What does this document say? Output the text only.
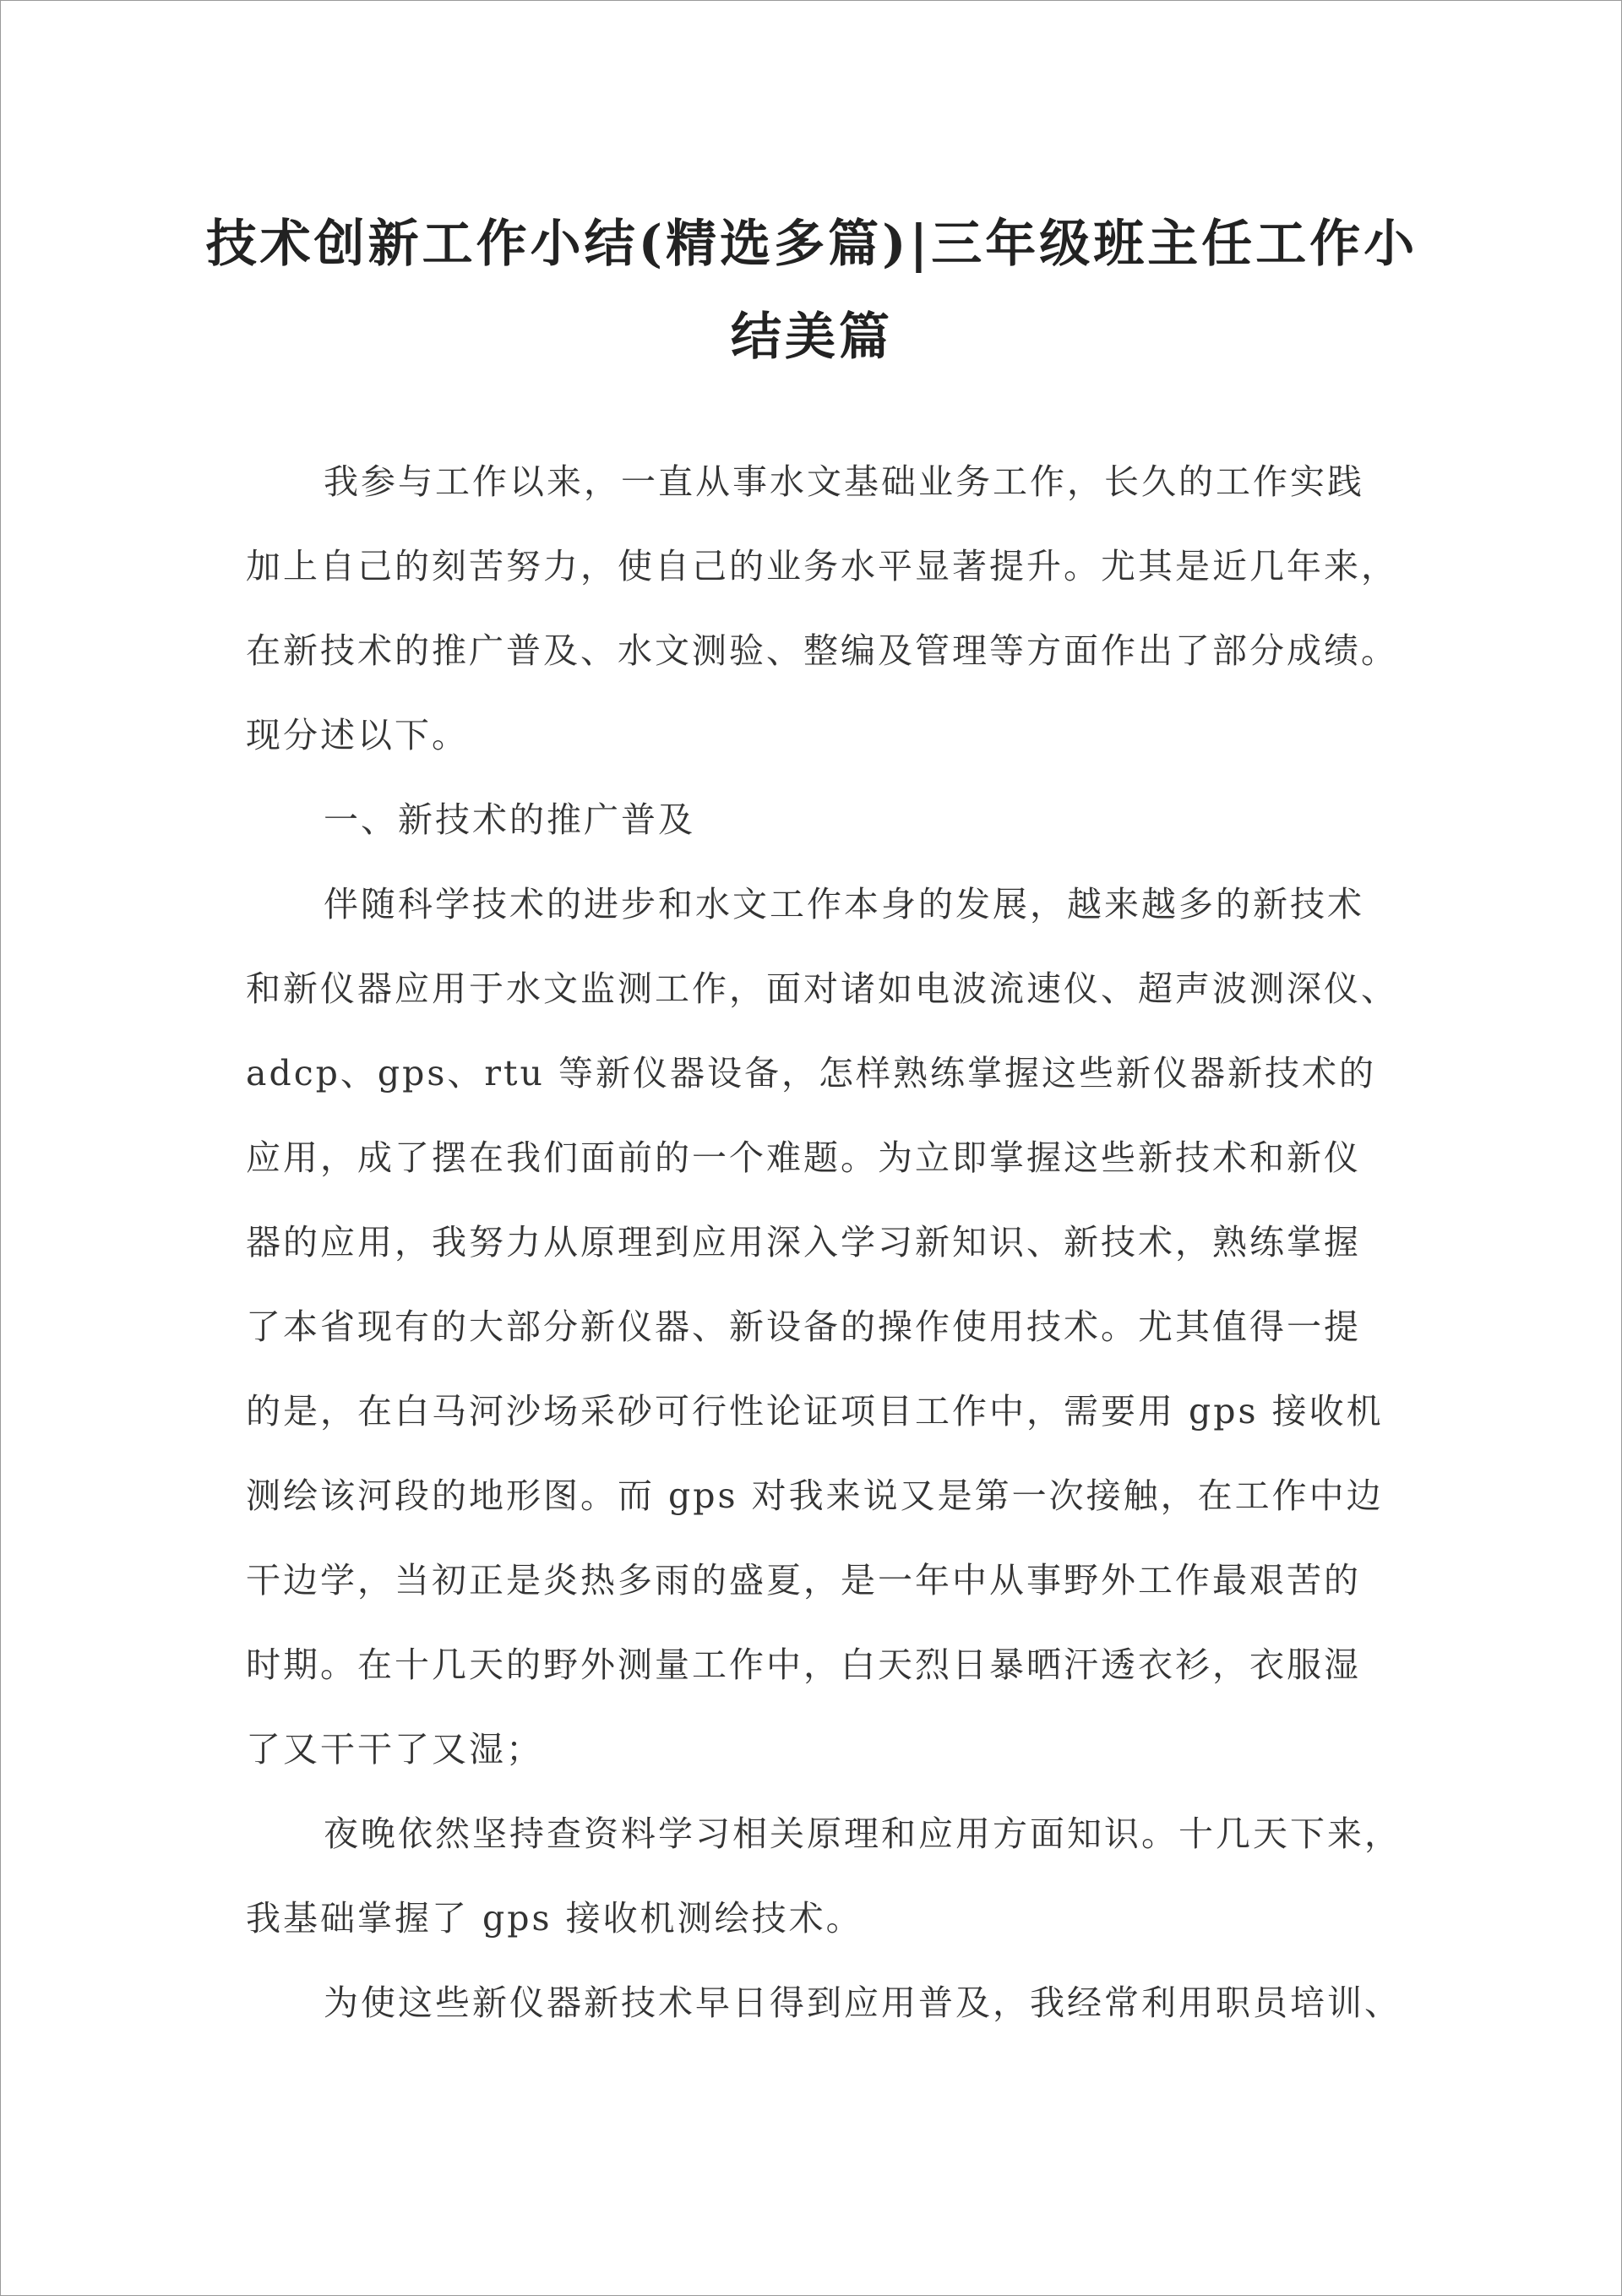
技术创新工作小结(精选多篇)|三年级班主任工作小
结美篇
我参与工作以来，一直从事水文基础业务工作，长久的工作实践
加上自己的刻苦努力，使自己的业务水平显著提升。尤其是近几年来，
在新技术的推广普及、水文测验、整编及管理等方面作出了部分成绩。
现分述以下。
一、新技术的推广普及
伴随科学技术的进步和水文工作本身的发展，越来越多的新技术
和新仪器应用于水文监测工作，面对诸如电波流速仪、超声波测深仪、
adcp、gps、rtu 等新仪器设备，怎样熟练掌握这些新仪器新技术的
应用，成了摆在我们面前的一个难题。为立即掌握这些新技术和新仪
器的应用，我努力从原理到应用深入学习新知识、新技术，熟练掌握
了本省现有的大部分新仪器、新设备的操作使用技术。尤其值得一提
的是，在白马河沙场采砂可行性论证项目工作中，需要用 gps 接收机
测绘该河段的地形图。而 gps 对我来说又是第一次接触，在工作中边
干边学，当初正是炎热多雨的盛夏，是一年中从事野外工作最艰苦的
时期。在十几天的野外测量工作中，白天烈日暴晒汗透衣衫，衣服湿
了又干干了又湿；
夜晚依然坚持查资料学习相关原理和应用方面知识。十几天下来，
我基础掌握了 gps 接收机测绘技术。
为使这些新仪器新技术早日得到应用普及，我经常利用职员培训、
